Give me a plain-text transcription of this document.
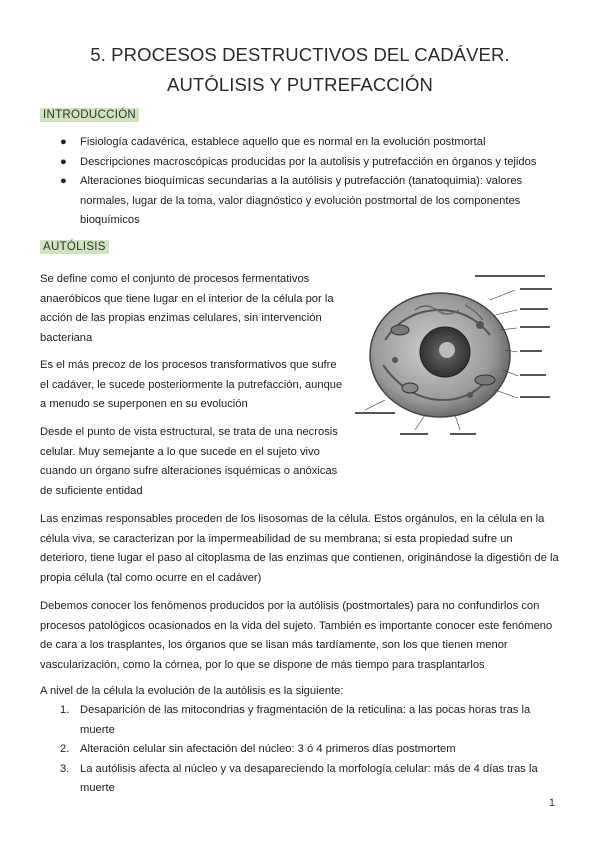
5. PROCESOS DESTRUCTIVOS DEL CADÁVER. AUTÓLISIS Y PUTREFACCIÓN
INTRODUCCIÓN
● Fisiología cadavérica, establece aquello que es normal en la evolución postmortal
● Descripciones macroscópicas producidas por la autolisis y putrefacción en órganos y tejidos
● Alteraciones bioquímicas secundarias a la autólisis y putrefacción (tanatoquimia): valores normales, lugar de la toma, valor diagnóstico y evolución postmortal de los componentes bioquímicos
AUTÓLISIS
Se define como el conjunto de procesos fermentativos anaeróbicos que tiene lugar en el interior de la célula por la acción de las propias enzimas celulares, sin intervención bacteriana
Es el más precoz de los procesos transformativos que sufre el cadáver, le sucede posteriormente la putrefacción, aunque a menudo se superponen en su evolución
Desde el punto de vista estructural, se trata de una necrosis celular. Muy semejante a lo que sucede en el sujeto vivo cuando un órgano sufre alteraciones isquémicas o anóxicas de suficiente entidad
Las enzimas responsables proceden de los lisosomas de la célula. Estos orgánulos, en la célula en la célula viva, se caracterizan por la impermeabilidad de su membrana; si esta propiedad sufre un deterioro, tiene lugar el paso al citoplasma de las enzimas que contienen, originándose la digestión de la propia célula (tal como ocurre en el cadáver)
Debemos conocer los fenómenos producidos por la autólisis (postmortales) para no confundirlos con procesos patológicos ocasionados en la vida del sujeto. También es importante conocer este fenómeno de cara a los trasplantes, los órganos que se lisan más tardíamente, son los que tienen menor vascularización, como la córnea, por lo que se dispone de más tiempo para trasplantarlos
A nivel de la célula la evolución de la autólisis es la siguiente:
1. Desaparición de las mitocondrias y fragmentación de la reticulina: a las pocas horas tras la muerte
2. Alteración celular sin afectación del núcleo: 3 ó 4 primeros días postmortem
3. La autólisis afecta al núcleo y va desapareciendo la morfología celular: más de 4 días tras la muerte
1
